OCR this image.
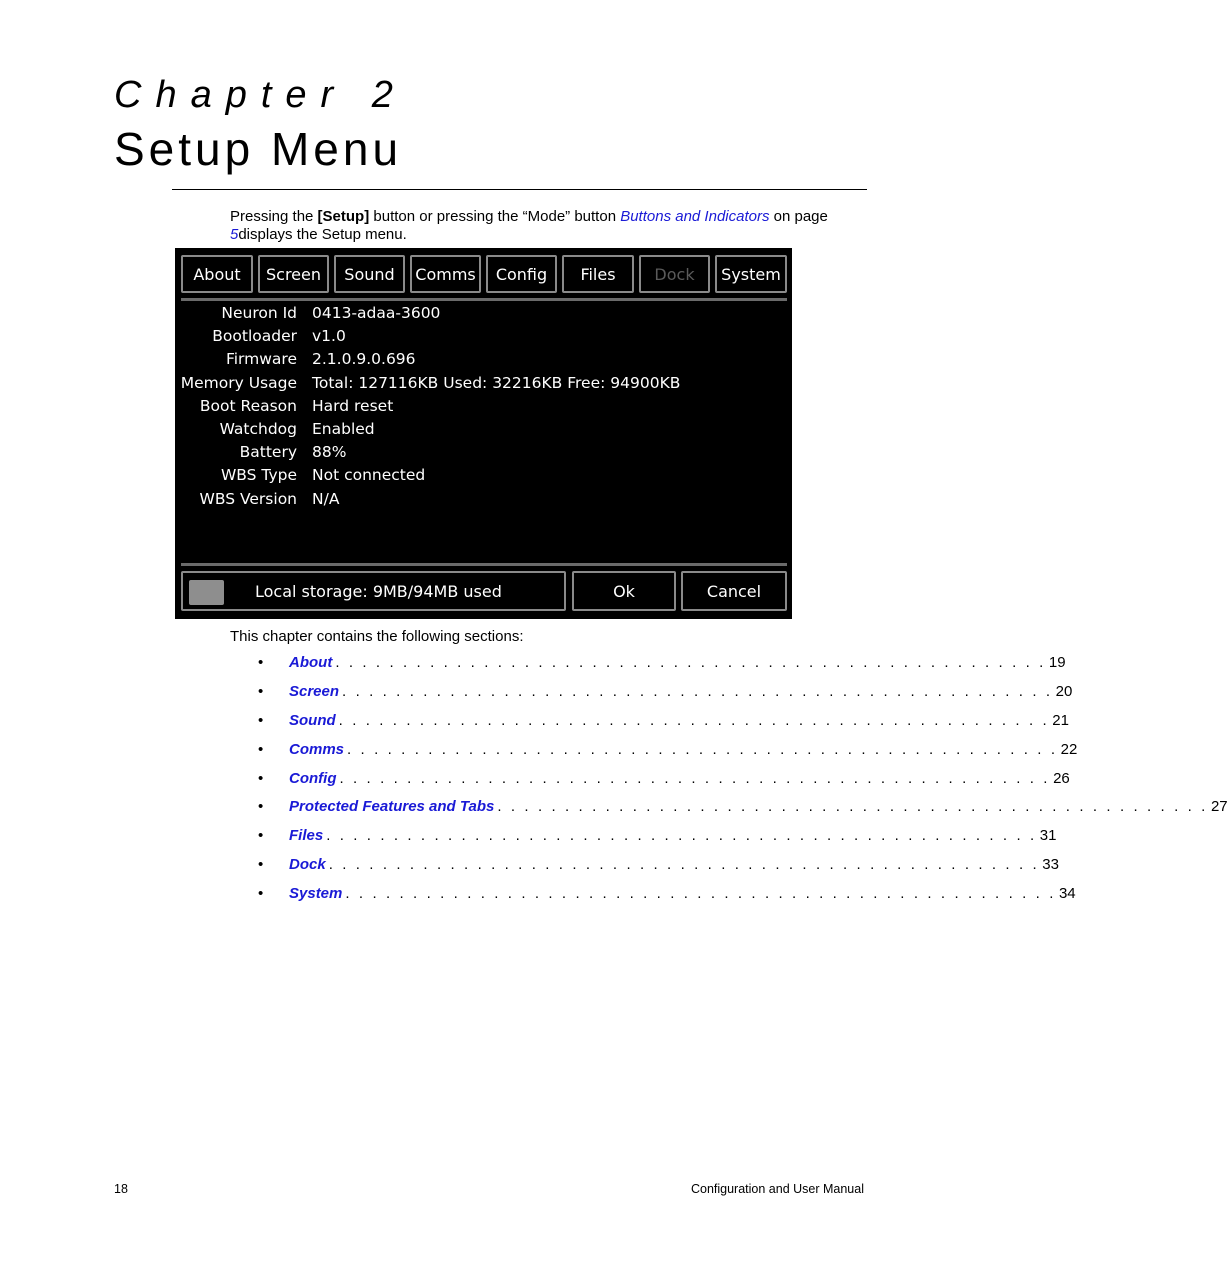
Chapter 2
Setup Menu
Pressing the [Setup] button or pressing the “Mode” button Buttons and Indicators on page
5displays the Setup menu.
About Screen Sound Comms Config Files Dock System
Neuron Id 0413-adaa-3600
Bootloader v1.0
Firmware 2.1.0.9.0.696
Memory Usage Total: 127116KB Used: 32216KB Free: 94900KB
Boot Reason Hard reset
Watchdog Enabled
Battery 88%
WBS Type Not connected
WBS Version N/A
Local storage: 9MB/94MB used	Ok	Cancel
This chapter contains the following sections:
• About . . . . . . . . . . . . . . . . . . . . . . . . . . . . . . . . . . . . . . . . . . . . . . . . . . . . . 19
• Screen . . . . . . . . . . . . . . . . . . . . . . . . . . . . . . . . . . . . . . . . . . . . . . . . . . . . . 20
• Sound . . . . . . . . . . . . . . . . . . . . . . . . . . . . . . . . . . . . . . . . . . . . . . . . . . . . . 21
• Comms . . . . . . . . . . . . . . . . . . . . . . . . . . . . . . . . . . . . . . . . . . . . . . . . . . . . . 22
• Config . . . . . . . . . . . . . . . . . . . . . . . . . . . . . . . . . . . . . . . . . . . . . . . . . . . . . 26
• Protected Features and Tabs . . . . . . . . . . . . . . . . . . . . . . . . . . . . . . . . . . . . . . . . . . . . . . . . . . . . . 27
• Files . . . . . . . . . . . . . . . . . . . . . . . . . . . . . . . . . . . . . . . . . . . . . . . . . . . . . 31
• Dock . . . . . . . . . . . . . . . . . . . . . . . . . . . . . . . . . . . . . . . . . . . . . . . . . . . . . 33
• System . . . . . . . . . . . . . . . . . . . . . . . . . . . . . . . . . . . . . . . . . . . . . . . . . . . . . 34
18	Configuration and User Manual
